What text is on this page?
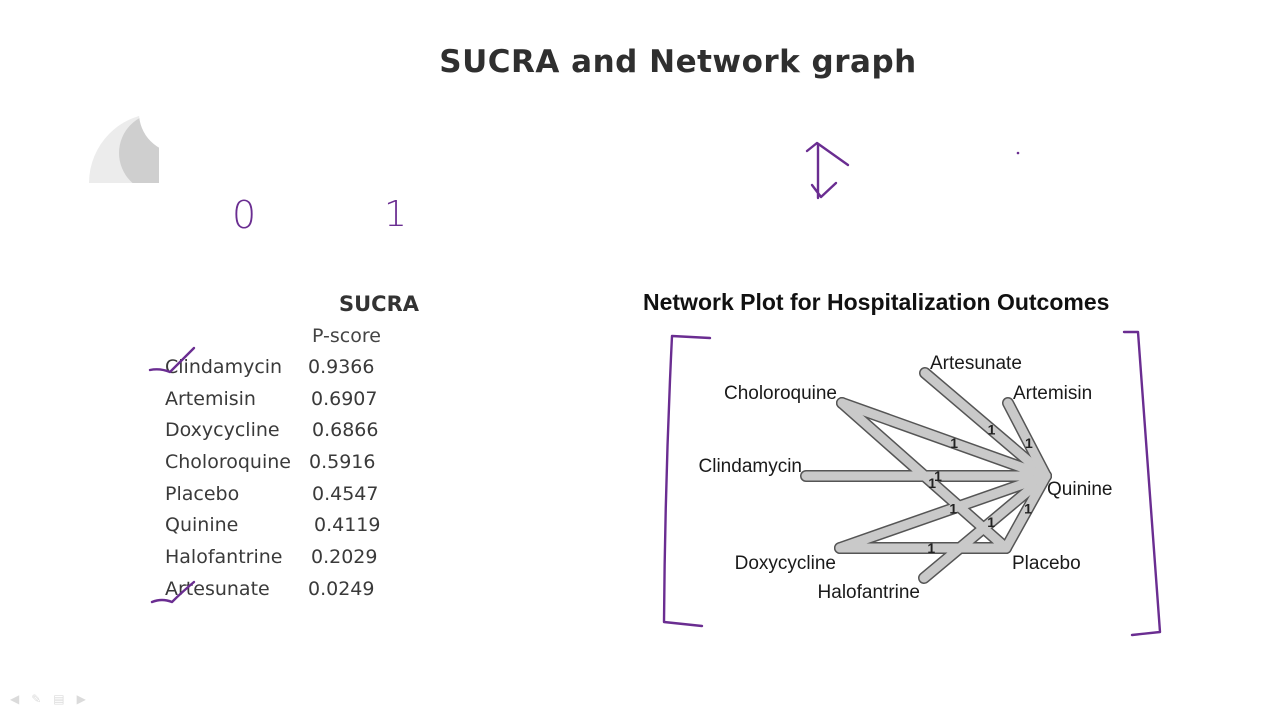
SUCRA and Network graph
SUCRA
P-score
Clindamycin 0.9366
Artemisin	0.6907
Doxycycline 0.6866
Choloroquine 0.5916
Placebo	0.4547
Quinine	0.4119
Halofantrine 0.2029
Artesunate 0.0249
Network Plot for Hospitalization Outcomes
1
1
1
1
1
1
1
1
1
Artesunate
Artemisin
Choloroquine
Clindamycin
Quinine
Doxycycline	Placebo
Halofantrine
0	1
◀ ✎ ▤ ▶
